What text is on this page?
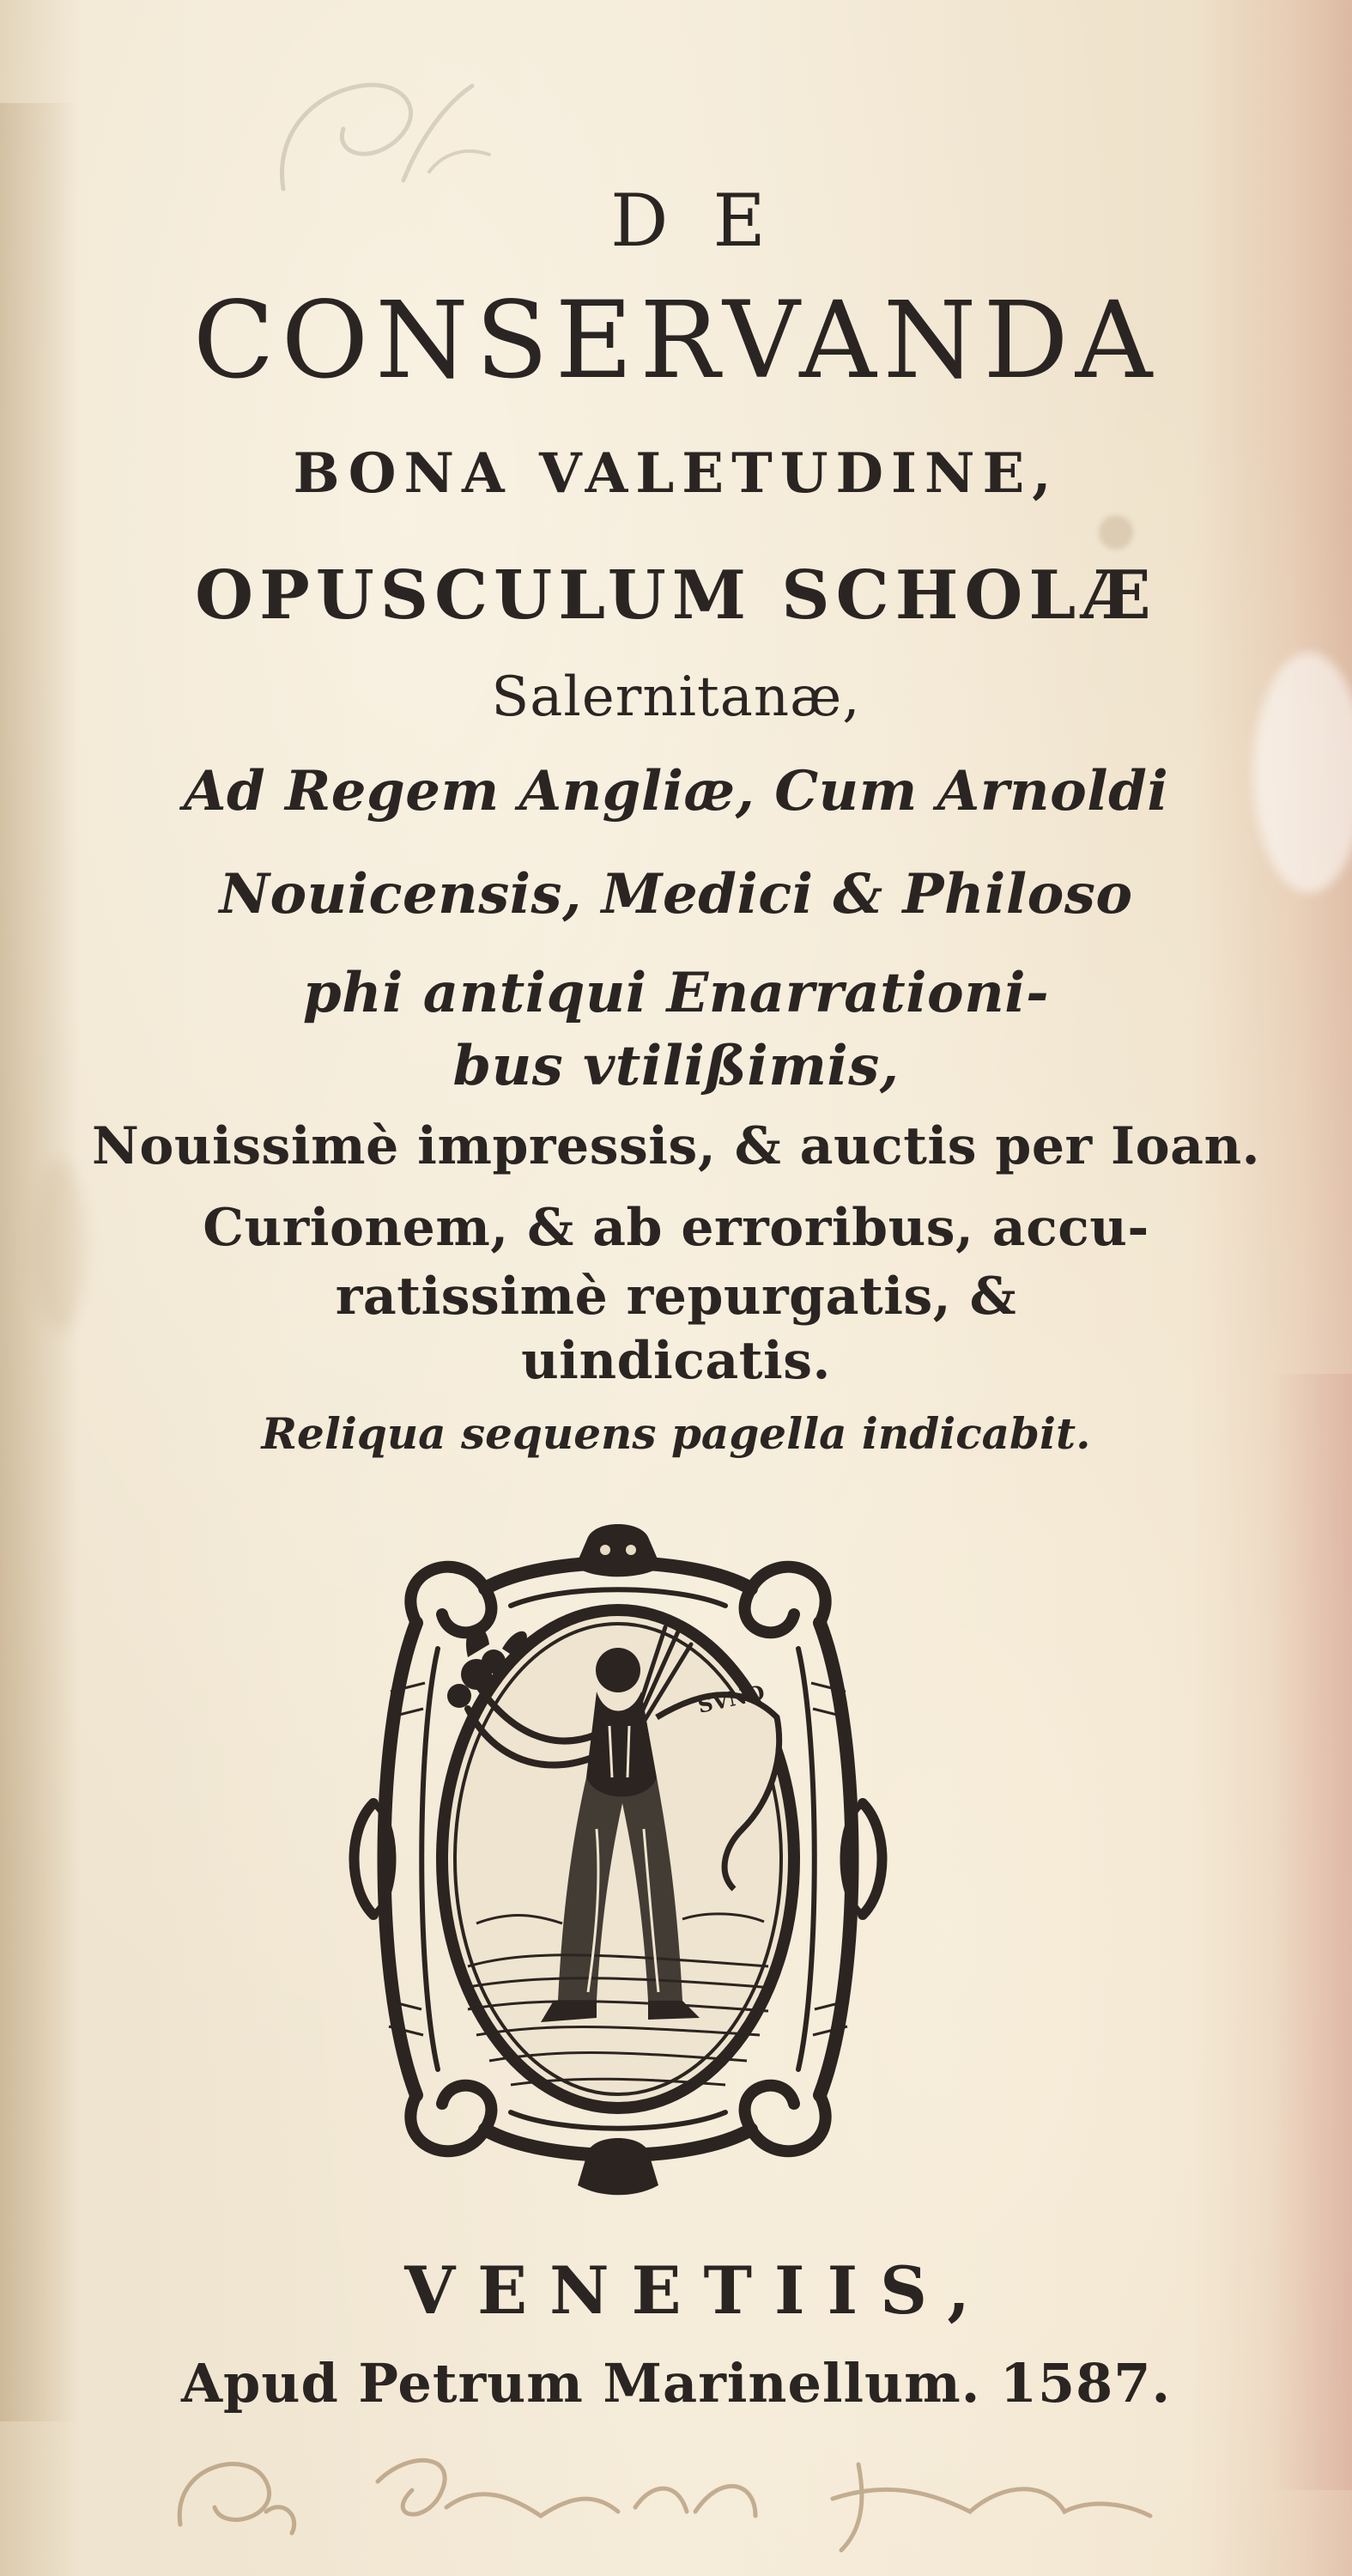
DE
CONSERVANDA
BONA VALETUDINE,
OPUSCULUM SCHOLÆ
Salernitanæ,
Ad Regem Angliæ, Cum Arnoldi
Nouicensis, Medici & Philoso
phi antiqui Enarrationi-
bus vtilißimis,
Nouissimè impressis, & auctis per Ioan.
Curionem, & ab erroribus, accu-
ratissimè repurgatis, &
uindicatis.
Reliqua sequens pagella indicabit.
SVND
VENETIIS,
Apud Petrum Marinellum. 1587.
